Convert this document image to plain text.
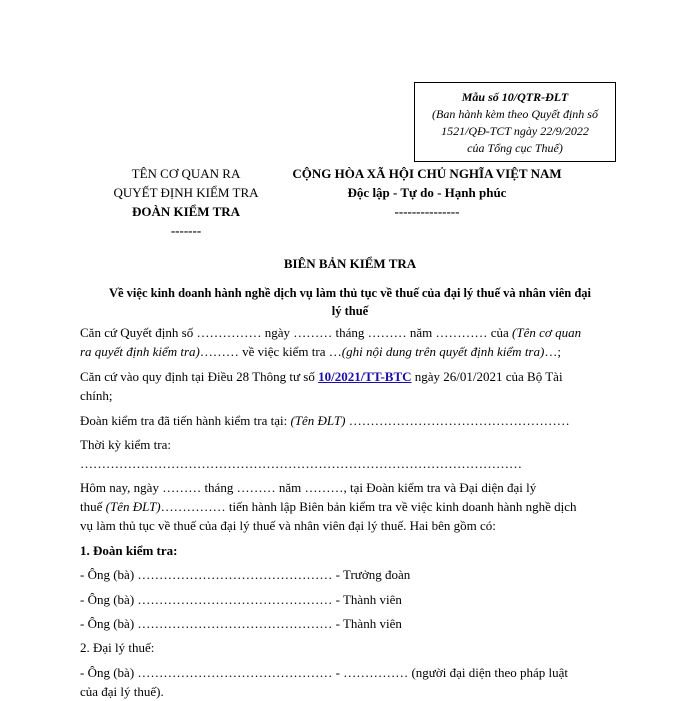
Mẫu số 10/QTR-ĐLT
(Ban hành kèm theo Quyết định số
1521/QĐ-TCT ngày 22/9/2022
của Tổng cục Thuế)
TÊN CƠ QUAN RA
QUYẾT ĐỊNH KIỂM TRA
ĐOÀN KIỂM TRA
-------
CỘNG HÒA XÃ HỘI CHỦ NGHĨA VIỆT NAM
Độc lập - Tự do - Hạnh phúc
---------------
BIÊN BẢN KIỂM TRA
Về việc kinh doanh hành nghề dịch vụ làm thủ tục về thuế của đại lý thuế và nhân viên đại
lý thuế
Căn cứ Quyết định số …………… ngày ……… tháng ……… năm ………… của (Tên cơ quan
ra quyết định kiểm tra)……… về việc kiểm tra …(ghi nội dung trên quyết định kiểm tra)…;
Căn cứ vào quy định tại Điều 28 Thông tư số 10/2021/TT-BTC ngày 26/01/2021 của Bộ Tài
chính;
Đoàn kiểm tra đã tiến hành kiểm tra tại: (Tên ĐLT) ……………………………………………
Thời kỳ kiểm tra:
…………………………………………………………………………………………
Hôm nay, ngày ……… tháng ……… năm ………, tại Đoàn kiểm tra và Đại diện đại lý
thuế (Tên ĐLT)…………… tiến hành lập Biên bản kiểm tra về việc kinh doanh hành nghề dịch
vụ làm thủ tục về thuế của đại lý thuế và nhân viên đại lý thuế. Hai bên gồm có:
1. Đoàn kiểm tra:
- Ông (bà) ……………………………………… - Trưởng đoàn
- Ông (bà) ……………………………………… - Thành viên
- Ông (bà) ……………………………………… - Thành viên
2. Đại lý thuế:
- Ông (bà) ……………………………………… - …………… (người đại diện theo pháp luật
của đại lý thuế).
